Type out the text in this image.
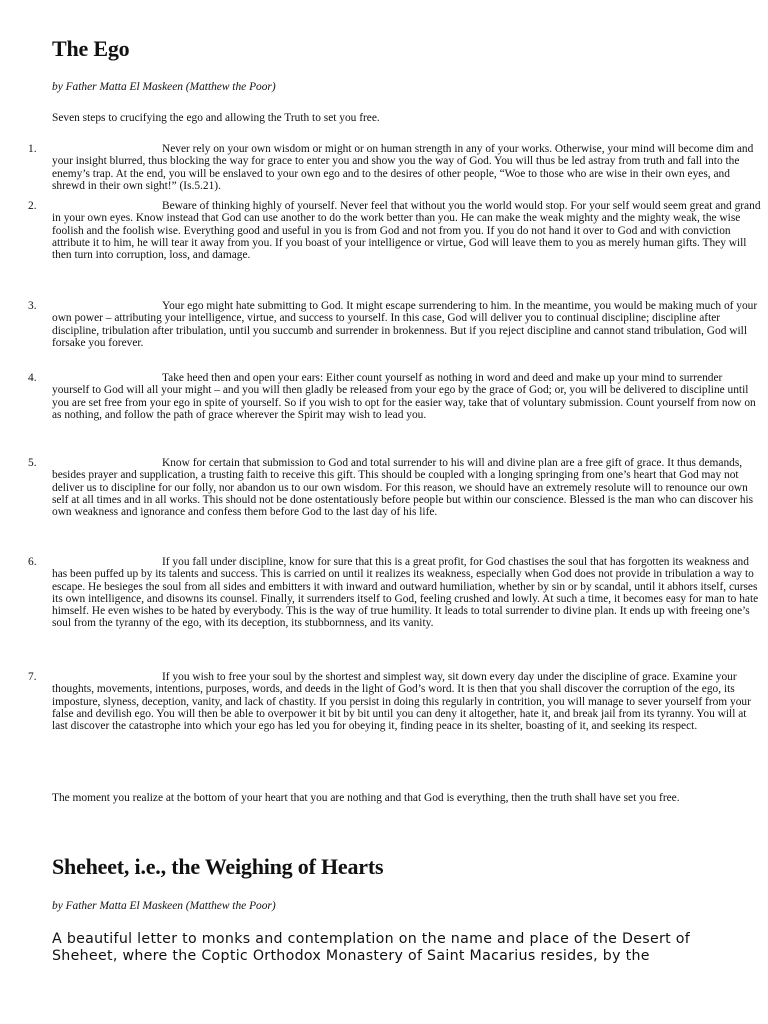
The Ego

by Father Matta El Maskeen (Matthew the Poor)

Seven steps to crucifying the ego and allowing the Truth to set you free.

1.	Never rely on your own wisdom or might or on human strength in any of your works. Otherwise, your mind will become dim and your insight blurred, thus blocking the way for grace to enter you and show you the way of God. You will thus be led astray from truth and fall into the enemy’s trap. At the end, you will be enslaved to your own ego and to the desires of other people, “Woe to those who are wise in their own eyes, and shrewd in their own sight!” (Is.5.21).

2.	Beware of thinking highly of yourself. Never feel that without you the world would stop. For your self would seem great and grand in your own eyes. Know instead that God can use another to do the work better than you. He can make the weak mighty and the mighty weak, the wise foolish and the foolish wise. Everything good and useful in you is from God and not from you. If you do not hand it over to God and with conviction attribute it to him, he will tear it away from you. If you boast of your intelligence or virtue, God will leave them to you as merely human gifts. They will then turn into corruption, loss, and damage.

3.	Your ego might hate submitting to God. It might escape surrendering to him. In the meantime, you would be making much of your own power – attributing your intelligence, virtue, and success to yourself. In this case, God will deliver you to continual discipline; discipline after discipline, tribulation after tribulation, until you succumb and surrender in brokenness. But if you reject discipline and cannot stand tribulation, God will forsake you forever.

4.	Take heed then and open your ears: Either count yourself as nothing in word and deed and make up your mind to surrender yourself to God will all your might – and you will then gladly be released from your ego by the grace of God; or, you will be delivered to discipline until you are set free from your ego in spite of yourself. So if you wish to opt for the easier way, take that of voluntary submission. Count yourself from now on as nothing, and follow the path of grace wherever the Spirit may wish to lead you.

5.	Know for certain that submission to God and total surrender to his will and divine plan are a free gift of grace. It thus demands, besides prayer and supplication, a trusting faith to receive this gift. This should be coupled with a longing springing from one’s heart that God may not deliver us to discipline for our folly, nor abandon us to our own wisdom. For this reason, we should have an extremely resolute will to renounce our own self at all times and in all works. This should not be done ostentatiously before people but within our conscience. Blessed is the man who can discover his own weakness and ignorance and confess them before God to the last day of his life.

6.	If you fall under discipline, know for sure that this is a great profit, for God chastises the soul that has forgotten its weakness and has been puffed up by its talents and success. This is carried on until it realizes its weakness, especially when God does not provide in tribulation a way to escape. He besieges the soul from all sides and embitters it with inward and outward humiliation, whether by sin or by scandal, until it abhors itself, curses its own intelligence, and disowns its counsel. Finally, it surrenders itself to God, feeling crushed and lowly. At such a time, it becomes easy for man to hate himself. He even wishes to be hated by everybody. This is the way of true humility. It leads to total surrender to divine plan. It ends up with freeing one’s soul from the tyranny of the ego, with its deception, its stubbornness, and its vanity.

7.	If you wish to free your soul by the shortest and simplest way, sit down every day under the discipline of grace. Examine your thoughts, movements, intentions, purposes, words, and deeds in the light of God’s word. It is then that you shall discover the corruption of the ego, its imposture, slyness, deception, vanity, and lack of chastity. If you persist in doing this regularly in contrition, you will manage to sever yourself from your false and devilish ego. You will then be able to overpower it bit by bit until you can deny it altogether, hate it, and break jail from its tyranny. You will at last discover the catastrophe into which your ego has led you for obeying it, finding peace in its shelter, boasting of it, and seeking its respect.

The moment you realize at the bottom of your heart that you are nothing and that God is everything, then the truth shall have set you free.

Sheheet, i.e., the Weighing of Hearts

by Father Matta El Maskeen (Matthew the Poor)

A beautiful letter to monks and contemplation on the name and place of the Desert of Sheheet, where the Coptic Orthodox Monastery of Saint Macarius resides, by the
